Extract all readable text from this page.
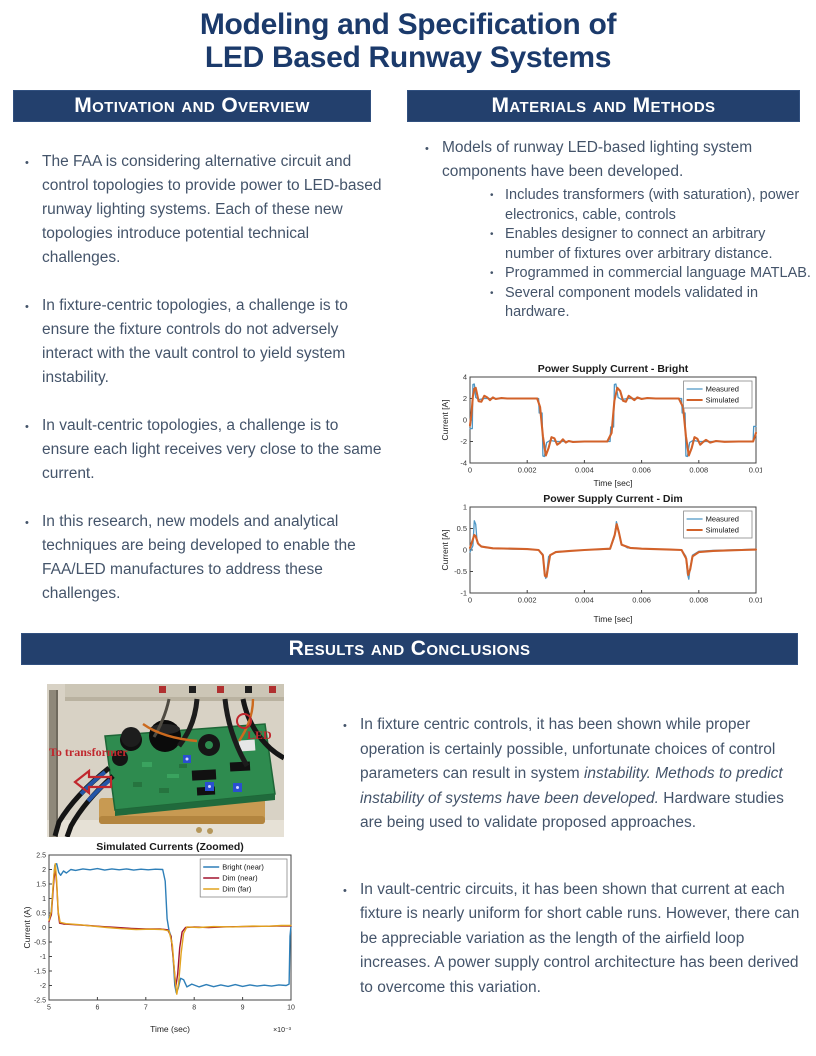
Modeling and Specification of
LED Based Runway Systems
Motivation and Overview	Materials and Methods
• The FAA is considering alternative circuit and control topologies to provide power to LED-based runway lighting systems. Each of these new topologies introduce potential technical challenges.
• In fixture-centric topologies, a challenge is to ensure the fixture controls do not adversely interact with the vault control to yield system instability.
• In vault-centric topologies, a challenge is to ensure each light receives very close to the same current.
• In this research, new models and analytical techniques are being developed to enable the FAA/LED manufactures to address these challenges.
• Models of runway LED-based lighting system components have been developed.
• Includes transformers (with saturation), power electronics, cable, controls
• Enables designer to connect an arbitrary number of fixtures over arbitrary distance.
• Programmed in commercial language MATLAB.
• Several component models validated in hardware.
Power Supply Current - Bright
0	0.002	0.004	0.006	0.008	0.01
-4
-2
0
2
4
Time [sec]
Current [A]
Measured
Simulated
Power Supply Current - Dim
0	0.002	0.004	0.006	0.008	0.01
-1
-0.5
0
0.5
1
Time [sec]
Current [A]
Measured
Simulated
Results and Conclusions
To transformer
LED
Simulated Currents (Zoomed)
5	6	7	8	9	10
-2.5
-2
-1.5
-1
-0.5
0
0.5
1
1.5
2
2.5
Time (sec)
Current (A)
×10⁻³
Bright (near)
Dim (near)
Dim (far)
• In fixture centric controls, it has been shown while proper operation is certainly possible, unfortunate choices of control parameters can result in system instability. Methods to predict instability of systems have been developed. Hardware studies are being used to validate proposed approaches.
• In vault-centric circuits, it has been shown that current at each fixture is nearly uniform for short cable runs. However, there can be appreciable variation as the length of the airfield loop increases. A power supply control architecture has been derived to overcome this variation.
